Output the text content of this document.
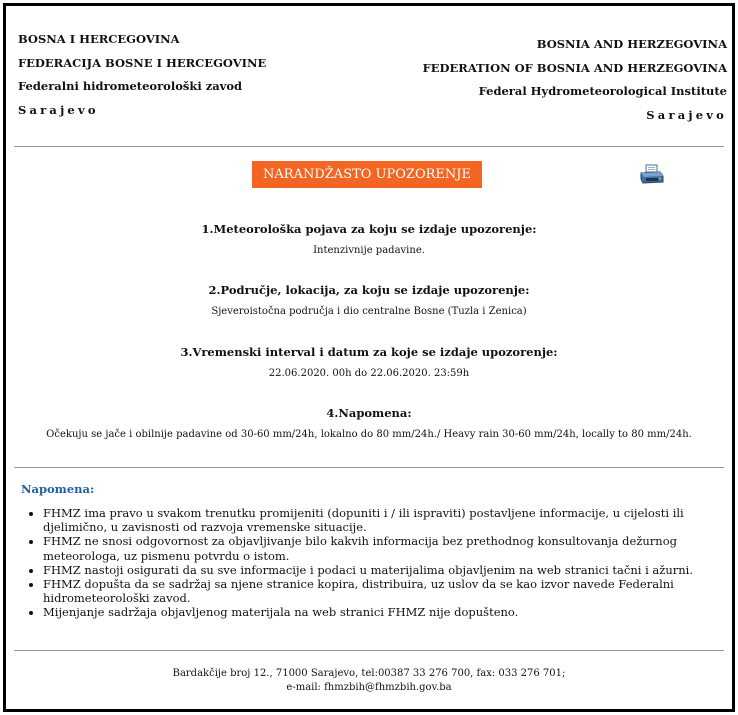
BOSNA I HERCEGOVINA
FEDERACIJA BOSNE I HERCEGOVINE
Federalni hidrometeorološki zavod
Sarajevo
BOSNIA AND HERZEGOVINA
FEDERATION OF BOSNIA AND HERZEGOVINA
Federal Hydrometeorological Institute
Sarajevo
NARANDŽASTO UPOZORENJE
1.Meteorološka pojava za koju se izdaje upozorenje:
Intenzivnije padavine.
2.Područje, lokacija, za koju se izdaje upozorenje:
Sjeveroistočna područja i dio centralne Bosne (Tuzla i Zenica)
3.Vremenski interval i datum za koje se izdaje upozorenje:
22.06.2020. 00h do 22.06.2020. 23:59h
4.Napomena:
Očekuju se jače i obilnije padavine od 30-60 mm/24h, lokalno do 80 mm/24h./ Heavy rain 30-60 mm/24h, locally to 80 mm/24h.
Napomena:
• FHMZ ima pravo u svakom trenutku promijeniti (dopuniti i / ili ispraviti) postavljene informacije, u cijelosti ili djelimično, u zavisnosti od razvoja vremenske situacije.
• FHMZ ne snosi odgovornost za objavljivanje bilo kakvih informacija bez prethodnog konsultovanja dežurnog meteorologa, uz pismenu potvrdu o istom.
• FHMZ nastoji osigurati da su sve informacije i podaci u materijalima objavljenim na web stranici tačni i ažurni.
• FHMZ dopušta da se sadržaj sa njene stranice kopira, distribuira, uz uslov da se kao izvor navede Federalni hidrometeorološki zavod.
• Mijenjanje sadržaja objavljenog materijala na web stranici FHMZ nije dopušteno.
Bardakčije broj 12., 71000 Sarajevo, tel:00387 33 276 700, fax: 033 276 701;
e-mail: fhmzbih@fhmzbih.gov.ba
